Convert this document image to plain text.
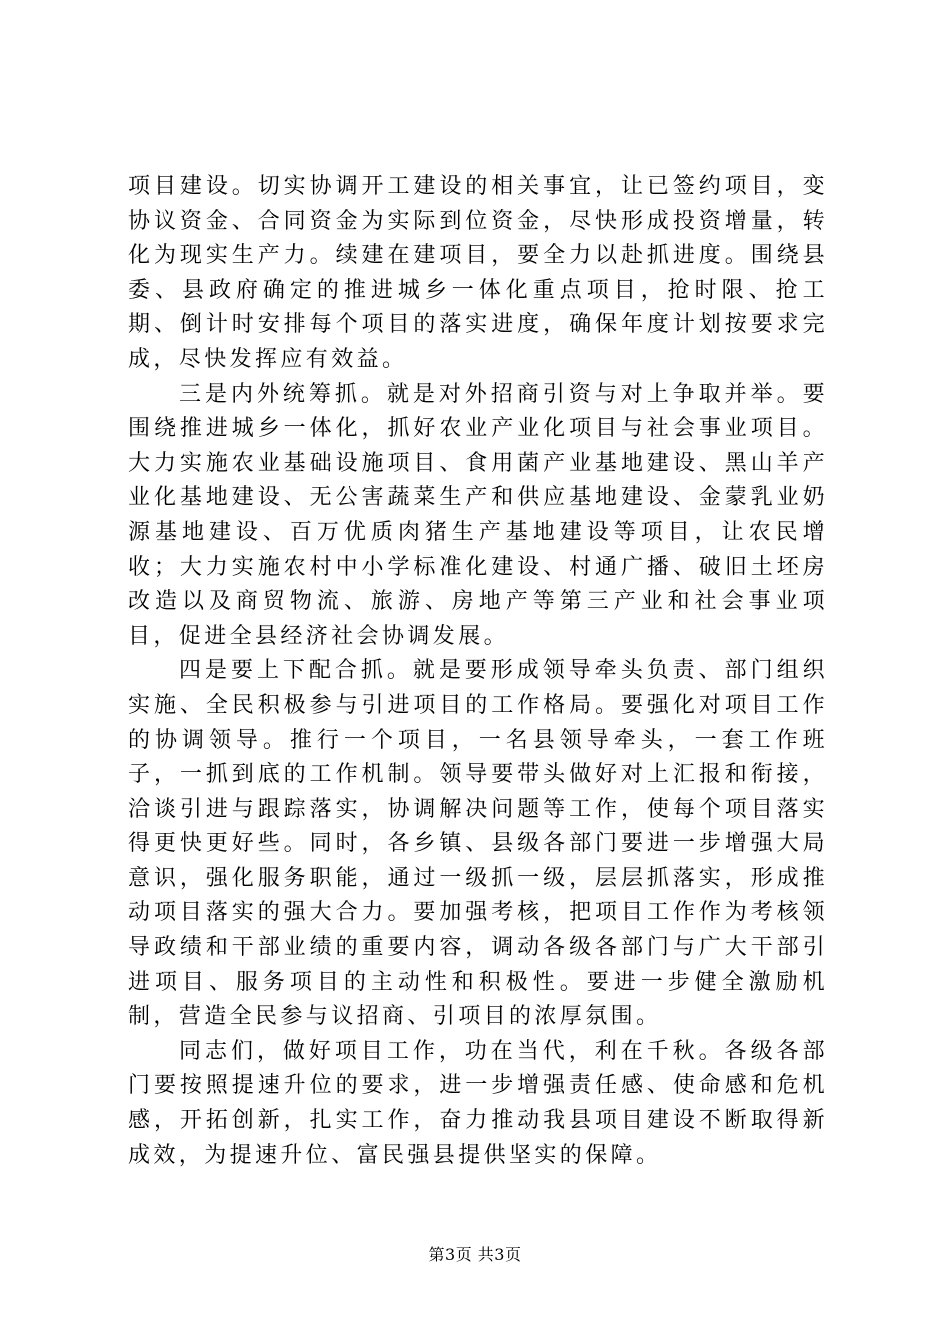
项目建设。切实协调开工建设的相关事宜，让已签约项目，变协议资金、合同资金为实际到位资金，尽快形成投资增量，转化为现实生产力。续建在建项目，要全力以赴抓进度。围绕县委、县政府确定的推进城乡一体化重点项目，抢时限、抢工期、倒计时安排每个项目的落实进度，确保年度计划按要求完成，尽快发挥应有效益。

三是内外统筹抓。就是对外招商引资与对上争取并举。要围绕推进城乡一体化，抓好农业产业化项目与社会事业项目。大力实施农业基础设施项目、食用菌产业基地建设、黑山羊产业化基地建设、无公害蔬菜生产和供应基地建设、金蒙乳业奶源基地建设、百万优质肉猪生产基地建设等项目，让农民增收；大力实施农村中小学标准化建设、村通广播、破旧土坯房改造以及商贸物流、旅游、房地产等第三产业和社会事业项目，促进全县经济社会协调发展。

四是要上下配合抓。就是要形成领导牵头负责、部门组织实施、全民积极参与引进项目的工作格局。要强化对项目工作的协调领导。推行一个项目，一名县领导牵头，一套工作班子，一抓到底的工作机制。领导要带头做好对上汇报和衔接，洽谈引进与跟踪落实，协调解决问题等工作，使每个项目落实得更快更好些。同时，各乡镇、县级各部门要进一步增强大局意识，强化服务职能，通过一级抓一级，层层抓落实，形成推动项目落实的强大合力。要加强考核，把项目工作作为考核领导政绩和干部业绩的重要内容，调动各级各部门与广大干部引进项目、服务项目的主动性和积极性。要进一步健全激励机制，营造全民参与议招商、引项目的浓厚氛围。

同志们，做好项目工作，功在当代，利在千秋。各级各部门要按照提速升位的要求，进一步增强责任感、使命感和危机感，开拓创新，扎实工作，奋力推动我县项目建设不断取得新成效，为提速升位、富民强县提供坚实的保障。

第3页 共3页
